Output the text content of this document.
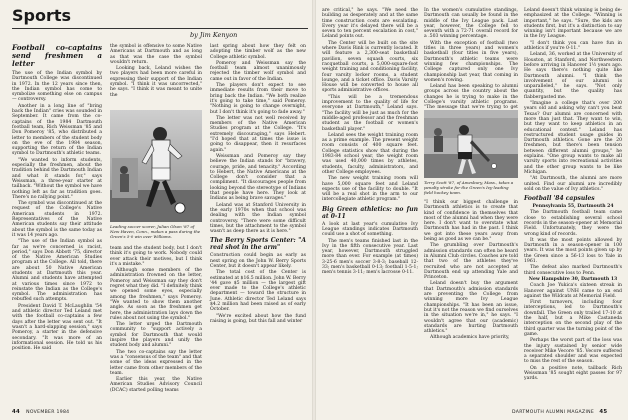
Sports
by Jim Kenyon
Football co-captains send freshmen a letter

The use of the Indian symbol by Dartmouth College was discontinued in 1972. In the 12 years since then, the Indian symbol has come to symbolize something else on campus — controversy.

Another in a long line of "bring back the Indian" cries was sounded in September. It came from the co-captains of the 1984 Dartmouth football team, Rich Weissman '85 and Don Pomeroy '85, who distributed a letter to members of the student body on the eve of the 1984 season, supporting the return of the Indian symbol to Dartmouth's athletic teams.

"We wanted to inform students, especially the freshmen, about the tradition behind the Dartmouth Indian and what it stands for," says Weissman, a three-year starter at tailback. "Without the symbol we have nothing left as far as tradition goes. There's no rallying point."

The symbol was discontinued at the request of the College's Native American students in 1972. Representatives of the Native American students say their attitude about the symbol is the same today as it was 14 years ago.

"The use of the Indian symbol as far as we're concerned is racist, period," says Don Abbott '75, director of the Native American Studies program at the College. All told, there are about 50 Native American students at Dartmouth this year. Alumni and students have attempted at various times since 1972 to reinstate the Indian as the College's symbol. The administration has rebuffed such attempts.

President David T. McLaughlin '54 and athletic director Ted Leland met with the football co-captains a few days after the letter was sent out. "It wasn't a hard-slapping session," says Pomeroy, a starter in the defensive secondary. "It was more of an informational session. He told us his position. He said

the symbol is offensive to some Native Americans at Dartmouth and as long as that was the case the symbol wouldn't return.

Looking back, Leland wishes the two players had been more careful in expressing their support of the Indian symbol. "I think it was uncorrected," he says. "I think it was meant to unite the

Leading soccer scorer, Julian Olson '87 of New Haven, Conn., makes a pass during the Green's 5-0 win over Williams.

team and the student body, but I don't think it's going to work. Nobody could ever attack their motives, but I think it's a mistake."

Although some members of the administration frowned on the letter, Pomeroy and Weissman say they don't regret what they did. "I definitely think we opened some eyes, especially among the freshmen," says Pomeroy. "We wanted to show them another angle. As soon as the freshmen get here, the administration lays down the rules about not using the symbol."

The letter urged the Dartmouth community to "support actively a symbol for Dartmouth that would inspire the players and unify the student body and alumni."

The two co-captains say the letter was a "consensus of the team" and that some of the ideas expressed in the letter came from other members of the team.

Earlier this year, the Native American Studies Advisory Council (DCAC) started polling teams

last spring about how they felt on adopting the timber wolf as the new College athletic symbol.

Pomeroy and Weissman say the football team almost unanimously rejected the timber wolf symbol and came out in favor of the Indian.

The players don't expect to see immediate results from their move to bring back the Indian. "We both realize it's going to take time," said Pomeroy. "Nothing is going to change overnight, but I don't think it's going to fade away."

The letter was not well received by members of the Native American Studies program at the College. "It's extremely discouraging," says Hebert. "I'd hoped that at times the issue is going to disappear, then it resurfaces again."

Weissman and Pomeroy say they believe the Indian stands for "bravery, courage, pride, and tenacity." According to Hebert, the Native Americans at the College don't consider that a compliment. "It discourages people from looking beyond the stereotype of Indians that people have here. They look at Indians as being brave savages."

Leland was at Stanford University in the early 1970s when that school was dealing with the Indian symbol controversy. "There were some difficult times, but the attachment to the symbol wasn't as deep there as it is here."

The Berry Sports Center: "A real shot in the arm"

Construction could begin as early as next spring on the John W. Berry Sports Center, but it doesn't appear likely.

The total cost of the Center is estimated at $16.5 million. John W. Berry '44 gave $5 million — the largest gift ever made to the College's athletic department — toward the structure in June. Athletic director Ted Leland says $4.2 million had been raised as of early October.

"We're excited about how the fund raising is going, but this fall and winter

44 NOVEMBER 1984

are critical," he says. "We need the building as desperately and at the same time construction costs are escalating. Every year it's delayed there will be a seven to ten percent escalation in cost," Leland points out.

The Center will be built on the site where Davis Rink is currently located. It will feature a 2,300-seat basketball pavilion, seven squash courts, six racquetball courts, a 5,000-square-foot weight training and conditioning facility, four varsity locker rooms, a student lounge, and a ticket office. Davis Varsity House will be converted to house all sports administrative offices.

"This will be a tremendous improvement to the quality of life for everyone at Dartmouth," Leland says. "The facility will be just as much for the middle-aged professor and the freshman student as the football or women's basketball player."

Leland sees the weight training room as a prime example. The present weight room consists of 400 square feet. College statistics show that during the 1983-84 school year, the weight room was used 40,000 times by athletes, students, faculty, administrators, and other College employees.

The new weight training room will have 5,000 square feet and Leland expects use of the facility to double. "It will be a real shot in the arm to our intercollegiate athletic program."

Big Green athletics: no fun at 0-11

A look at last year's cumulative Ivy League standings indicates Dartmouth could use a shot of something.

The men's teams finished last in the Ivy in the fifth consecutive year. Last year, however, Dartmouth struggled more than ever. For example (at times) 3-25-6 men's soccer 3-8-3; baseball 12-33; men's basketball 0-13; football 1-5-1; men's tennis 3-11; men's lacrosse 0-11.

In the women's cumulative standings, Dartmouth can usually be found in the middle of the Ivy League pack. Last year, however, the College fell to seventh with a 72-71 overall record for a .503 winning percentage.

With the exception of football (two titles in three years) and women's basketball (four titles in five years), Dartmouth's athletic teams were winning few championships. The College captured only one Ivy championship last year, that coming in women's rowing.

Leland has been speaking to alumni groups across the country about the changes he is trying to make in the College's varsity athletic programs. "The message that we're trying to get

Terry Scott '87, of Amesbury, Mass., takes a penalty stroke for the Green's Ivy-leading field hockey team.

"I think our biggest challenge in Dartmouth athletics is to create that kind of confidence in themselves that most of the alumni had when they were here. I don't want to overstate what Dartmouth has had in the past. I think we got into these years away from being as good as we can be."

The grumbling over Dartmouth's admission standards can often be heard in Alumni Club circles. Coaches are told that two of the athletes they've recruited who are not accepted at Dartmouth end up attending Yale and Princeton.

Leland doesn't buy the argument that Dartmouth's admission standards are preventing the College from winning more Ivy League championships. "It has been an issue, but it's not the reason we find ourselves in the situation we're in," he says. "I wouldn't agree that our (academic) standards are hurting Dartmouth athletics."

Although academics have priority,

Leland doesn't think winning is being de-emphasized at the College. "Winning is important," he says. "Sure, the kids are students first, but it's a distinction to say winning isn't important because we are in the Ivy League.

"I don't think you can have fun in athletics if you're 0-11."

Leland, 36, worked at the University of Houston, at Stanford, and Northwestern before arriving in Hanover 1½ years ago. He says there's nothing quite like Dartmouth alumni. "I think the involvement of our alumni is unparalleled," he says. "Not only quantity, but the quality has flabbergasted me.

"Imagine a college that's over 200 years old and asking why can't you beat Texas? Our alumni are concerned with more than just that. They want to win, but they want to keep athletics in an educational context." Leland has restructured student usage guides in Dartmouth athletics. Gone are the 20 freshmen, but there's been tension between different alumni groups," he explains. "One group wants to make all varsity sports into recreational activities and the other group wants to be like Michigan.

"At Dartmouth, the alumni are more united. Find our alumni are incredibly sold on the value of Ivy athletics."

Football '84 capsules

Pennsylvania 55, Dartmouth 24

The Dartmouth football team came close to establishing several school records in the season-opener at Memorial Field. Unfortunately, they were the wrong kind of records.

It was the most points allowed by Dartmouth in a season-opener in 100 years. It was the most points given up by the Green since a 56-13 loss to Yale in 1961.

The defeat also marked Dartmouth's third consecutive loss to Penn.

New Hampshire 30, Dartmouth 13

Coach Joe Yukica's sixteen streak in Hanover against UNH came to an end against the Wildcats at Memorial Field.

First turnovers, including four interceptions, led to Dartmouth's downfall. The Green only trailed 17-10 at the half, but a Mike Castaneda interception on the second play of the third quarter was the turning point of the game.

Perhaps the worst part of the loss was the injury sustained by senior wide receiver Mike Vecore '85. Vecore suffered a separated shoulder and was expected to miss the rest of the season.

On a positive note, tailback Rich Weissman '85 sought eight passes for 97 yards.

DARTMOUTH ALUMNI MAGAZINE 45
